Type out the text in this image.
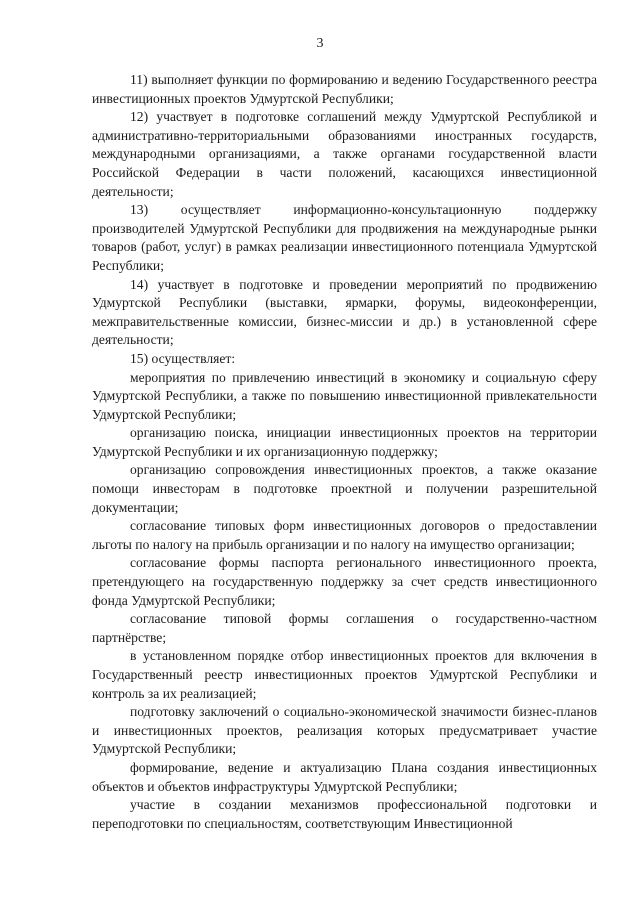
3

11) выполняет функции по формированию и ведению Государственного реестра инвестиционных проектов Удмуртской Республики;

12) участвует в подготовке соглашений между Удмуртской Республикой и административно-территориальными образованиями иностранных государств, международными организациями, а также органами государственной власти Российской Федерации в части положений, касающихся инвестиционной деятельности;

13) осуществляет информационно-консультационную поддержку производителей Удмуртской Республики для продвижения на международные рынки товаров (работ, услуг) в рамках реализации инвестиционного потенциала Удмуртской Республики;

14) участвует в подготовке и проведении мероприятий по продвижению Удмуртской Республики (выставки, ярмарки, форумы, видеоконференции, межправительственные комиссии, бизнес-миссии и др.) в установленной сфере деятельности;

15) осуществляет:

мероприятия по привлечению инвестиций в экономику и социальную сферу Удмуртской Республики, а также по повышению инвестиционной привлекательности Удмуртской Республики;

организацию поиска, инициации инвестиционных проектов на территории Удмуртской Республики и их организационную поддержку;

организацию сопровождения инвестиционных проектов, а также оказание помощи инвесторам в подготовке проектной и получении разрешительной документации;

согласование типовых форм инвестиционных договоров о предоставлении льготы по налогу на прибыль организации и по налогу на имущество организации;

согласование формы паспорта регионального инвестиционного проекта, претендующего на государственную поддержку за счет средств инвестиционного фонда Удмуртской Республики;

согласование типовой формы соглашения о государственно-частном партнёрстве;

в установленном порядке отбор инвестиционных проектов для включения в Государственный реестр инвестиционных проектов Удмуртской Республики и контроль за их реализацией;

подготовку заключений о социально-экономической значимости бизнес-планов и инвестиционных проектов, реализация которых предусматривает участие Удмуртской Республики;

формирование, ведение и актуализацию Плана создания инвестиционных объектов и объектов инфраструктуры Удмуртской Республики;

участие в создании механизмов профессиональной подготовки и переподготовки по специальностям, соответствующим Инвестиционной
